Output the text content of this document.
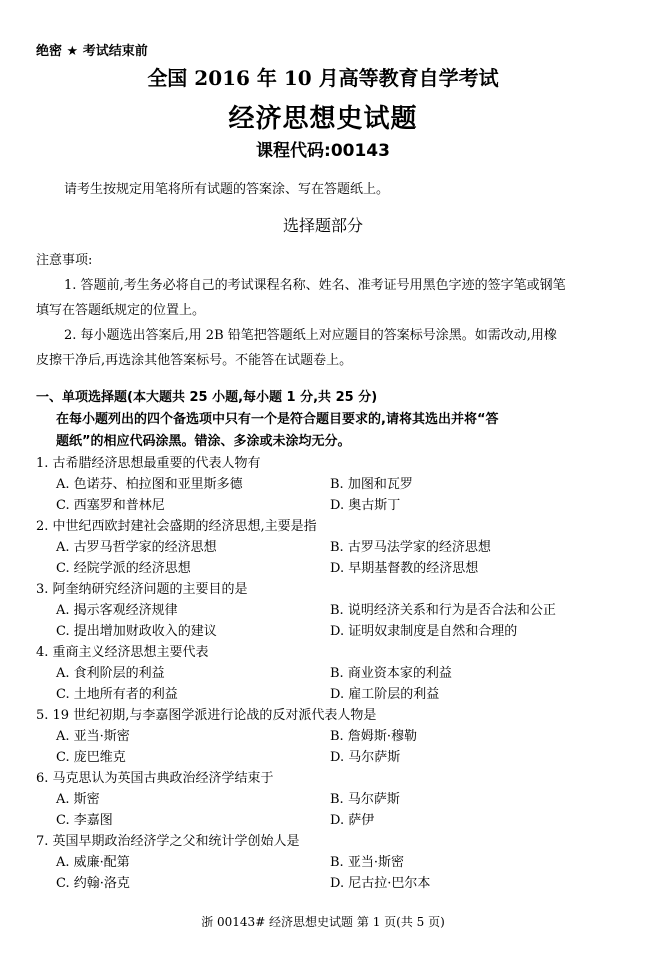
绝密 ★ 考试结束前
全国 2016 年 10 月高等教育自学考试
经济思想史试题
课程代码:00143
请考生按规定用笔将所有试题的答案涂、写在答题纸上。
选择题部分
注意事项:
1. 答题前,考生务必将自己的考试课程名称、姓名、准考证号用黑色字迹的签字笔或钢笔
填写在答题纸规定的位置上。
2. 每小题选出答案后,用 2B 铅笔把答题纸上对应题目的答案标号涂黑。如需改动,用橡
皮擦干净后,再选涂其他答案标号。不能答在试题卷上。
一、单项选择题(本大题共 25 小题,每小题 1 分,共 25 分)
在每小题列出的四个备选项中只有一个是符合题目要求的,请将其选出并将“答
题纸”的相应代码涂黑。错涂、多涂或未涂均无分。
1. 古希腊经济思想最重要的代表人物有
A. 色诺芬、柏拉图和亚里斯多德	B. 加图和瓦罗
C. 西塞罗和普林尼	D. 奥古斯丁
2. 中世纪西欧封建社会盛期的经济思想,主要是指
A. 古罗马哲学家的经济思想	B. 古罗马法学家的经济思想
C. 经院学派的经济思想	D. 早期基督教的经济思想
3. 阿奎纳研究经济问题的主要目的是
A. 揭示客观经济规律	B. 说明经济关系和行为是否合法和公正
C. 提出增加财政收入的建议	D. 证明奴隶制度是自然和合理的
4. 重商主义经济思想主要代表
A. 食利阶层的利益	B. 商业资本家的利益
C. 土地所有者的利益	D. 雇工阶层的利益
5. 19 世纪初期,与李嘉图学派进行论战的反对派代表人物是
A. 亚当·斯密	B. 詹姆斯·穆勒
C. 庞巴维克	D. 马尔萨斯
6. 马克思认为英国古典政治经济学结束于
A. 斯密	B. 马尔萨斯
C. 李嘉图	D. 萨伊
7. 英国早期政治经济学之父和统计学创始人是
A. 威廉·配第	B. 亚当·斯密
C. 约翰·洛克	D. 尼古拉·巴尔本
浙 00143# 经济思想史试题 第 1 页(共 5 页)
